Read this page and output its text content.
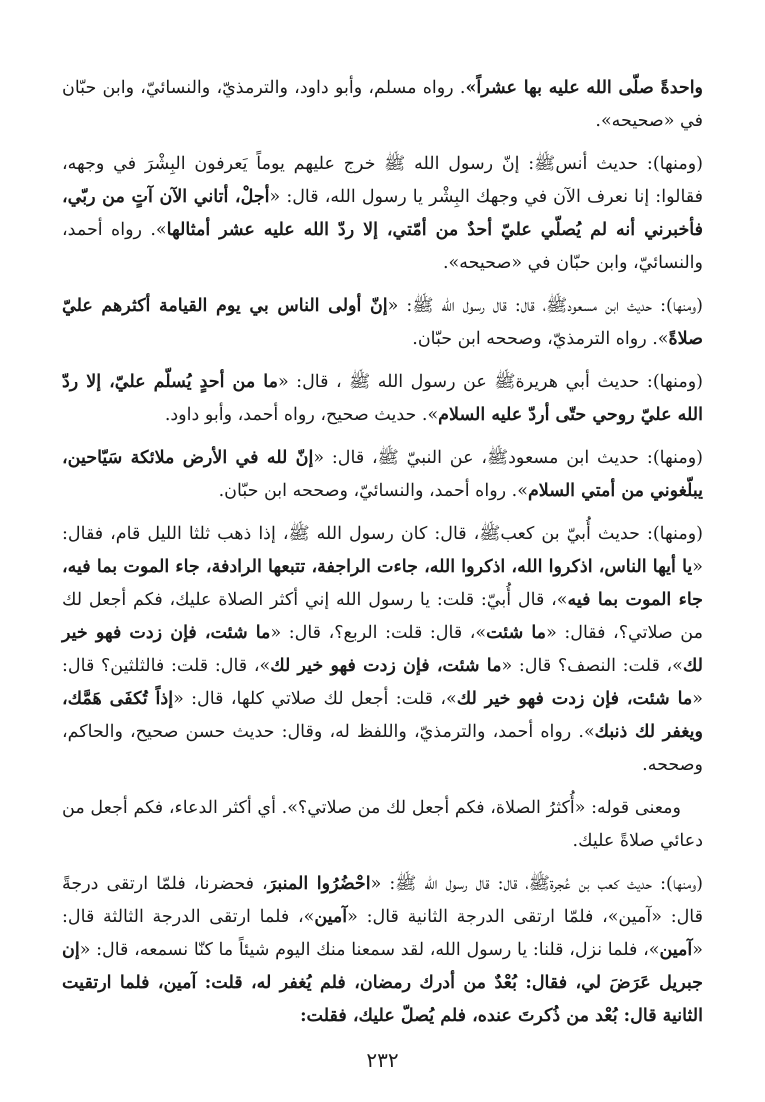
واحدةً صلّى الله عليه بها عشراً». رواه مسلم، وأبو داود، والترمذيّ، والنسائيّ، وابن حبّان في «صحيحه».

(ومنها): حديث أنسﷺ: إنّ رسول الله ﷺ خرج عليهم يوماً يَعرفون البِشْرَ في وجهه، فقالوا: إنا نعرف الآن في وجهك البِشْر يا رسول الله، قال: «أجلْ، أتاني الآن آتٍ من ربّي، فأخبرني أنه لم يُصلّي عليّ أحدٌ من أمّتي، إلا ردّ الله عليه عشر أمثالها». رواه أحمد، والنسائيّ، وابن حبّان في «صحيحه».

(ومنها): حديث ابن مسعودﷺ، قال: قال رسول الله ﷺ: «إنّ أولى الناس بي يوم القيامة أكثرهم عليّ صلاةً». رواه الترمذيّ، وصححه ابن حبّان.

(ومنها): حديث أبي هريرةﷺ عن رسول الله ﷺ ، قال: «ما من أحدٍ يُسلّم عليّ، إلا ردّ الله عليّ روحي حتّى أردّ عليه السلام». حديث صحيح، رواه أحمد، وأبو داود.

(ومنها): حديث ابن مسعودﷺ، عن النبيّ ﷺ، قال: «إنّ لله في الأرض ملائكة سَيّاحين، يبلّغوني من أمتي السلام». رواه أحمد، والنسائيّ، وصححه ابن حبّان.

(ومنها): حديث أُبيّ بن كعبﷺ، قال: كان رسول الله ﷺ، إذا ذهب ثلثا الليل قام، فقال: «يا أيها الناس، اذكروا الله، اذكروا الله، جاءت الراجفة، تتبعها الرادفة، جاء الموت بما فيه، جاء الموت بما فيه»، قال أُبيّ: قلت: يا رسول الله إني أكثر الصلاة عليك، فكم أجعل لك من صلاتي؟، فقال: «ما شئت»، قال: قلت: الربع؟، قال: «ما شئت، فإن زدت فهو خير لك»، قلت: النصف؟ قال: «ما شئت، فإن زدت فهو خير لك»، قال: قلت: فالثلثين؟ قال: «ما شئت، فإن زدت فهو خير لك»، قلت: أجعل لك صلاتي كلها، قال: «إذاً تُكفَى هَمَّك، ويغفر لك ذنبك». رواه أحمد، والترمذيّ، واللفظ له، وقال: حديث حسن صحيح، والحاكم، وصححه.

ومعنى قوله: «أُكثرُ الصلاة، فكم أجعل لك من صلاتي؟». أي أكثر الدعاء، فكم أجعل من دعائي صلاةً عليك.

(ومنها): حديث كعب بن عُجرةﷺ، قال: قال رسول الله ﷺ: «احْضُرُوا المنبرَ، فحضرنا، فلمّا ارتقى درجةً قال: «آمين»، فلمّا ارتقى الدرجة الثانية قال: «آمين»، فلما ارتقى الدرجة الثالثة قال: «آمين»، فلما نزل، قلنا: يا رسول الله، لقد سمعنا منك اليوم شيئاً ما كنّا نسمعه، قال: «إن جبريل عَرَضَ لي، فقال: بُعْدٌ من أدرك رمضان، فلم يُغفر له، قلت: آمين، فلما ارتقيت الثانية قال: بُعْد من ذُكرتَ عنده، فلم يُصلّ عليك، فقلت:

٢٣٢
